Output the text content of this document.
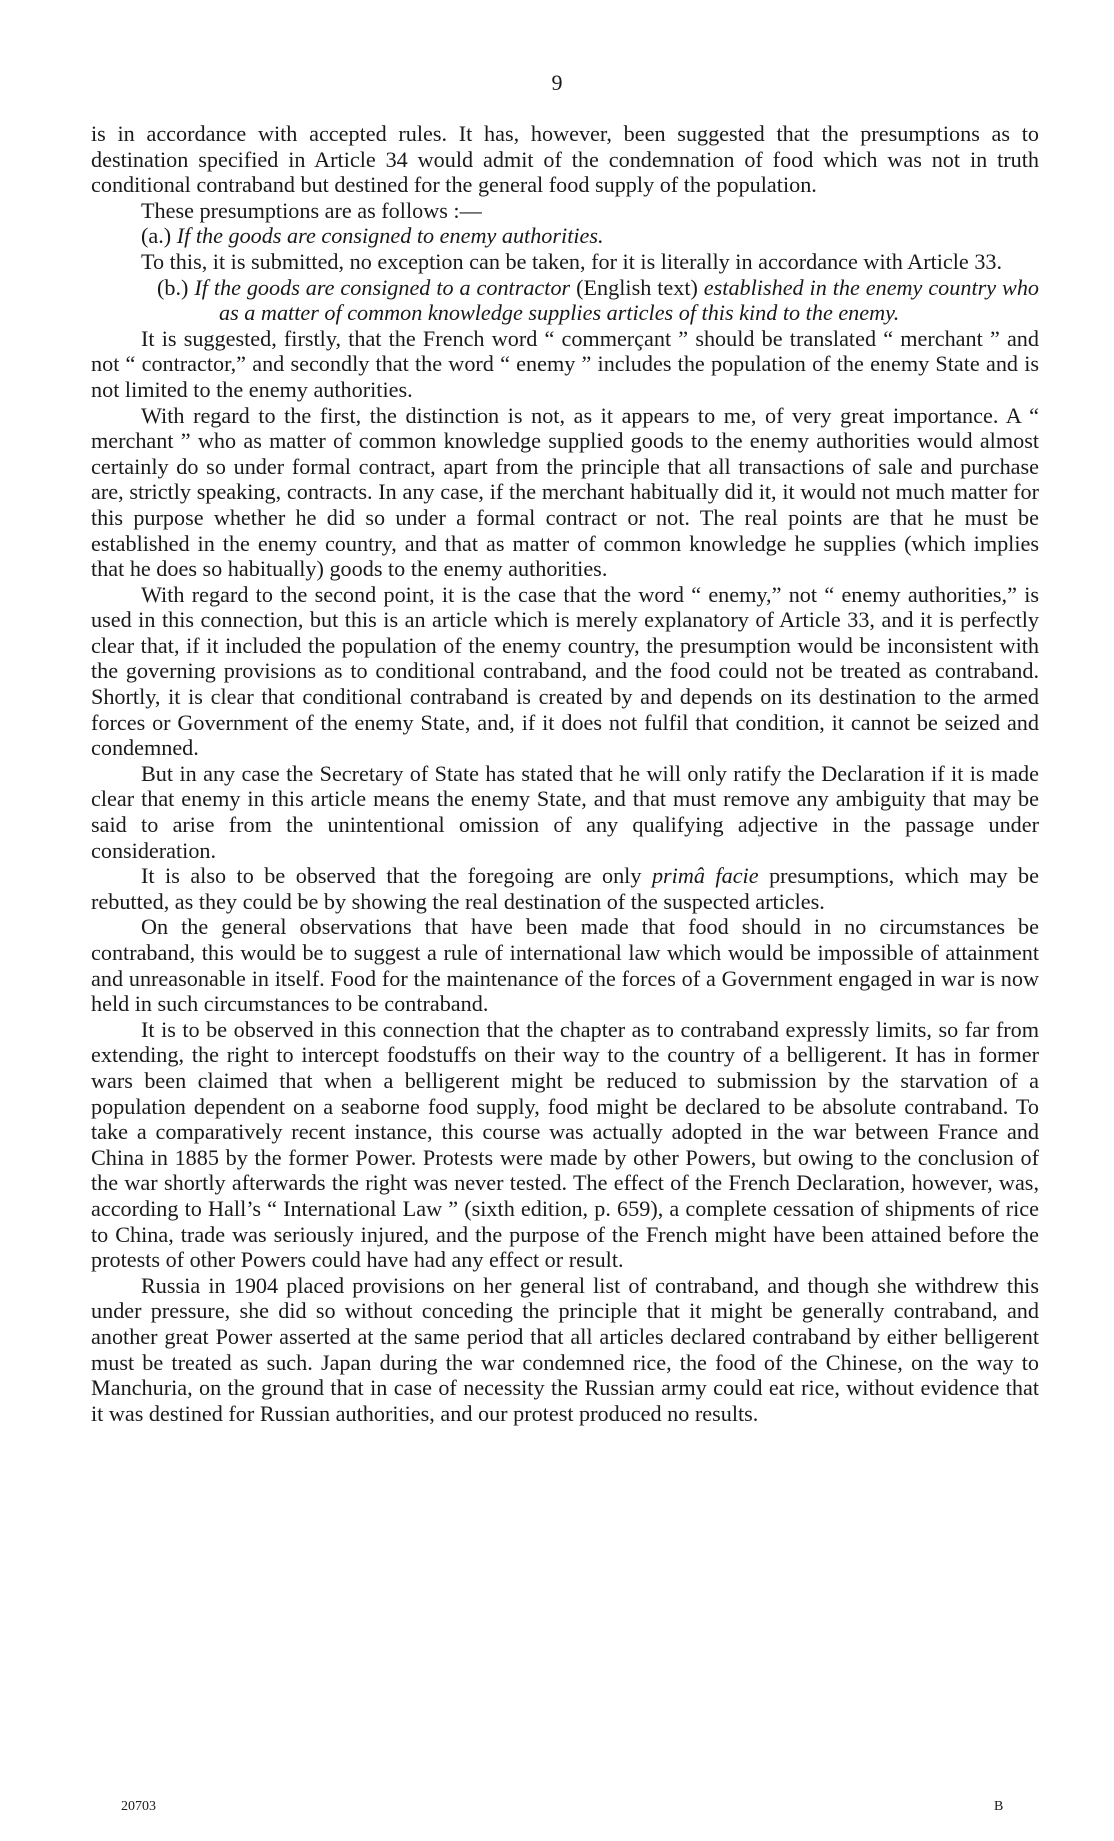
9

is in accordance with accepted rules. It has, however, been suggested that the presumptions as to destination specified in Article 34 would admit of the condemnation of food which was not in truth conditional contraband but destined for the general food supply of the population.

These presumptions are as follows :—

(a.) If the goods are consigned to enemy authorities.

To this, it is submitted, no exception can be taken, for it is literally in accordance with Article 33.

(b.) If the goods are consigned to a contractor (English text) established in the enemy country who as a matter of common knowledge supplies articles of this kind to the enemy.

It is suggested, firstly, that the French word “ commerçant ” should be translated “ merchant ” and not “ contractor,” and secondly that the word “ enemy ” includes the population of the enemy State and is not limited to the enemy authorities.

With regard to the first, the distinction is not, as it appears to me, of very great importance. A “ merchant ” who as matter of common knowledge supplied goods to the enemy authorities would almost certainly do so under formal contract, apart from the principle that all transactions of sale and purchase are, strictly speaking, contracts. In any case, if the merchant habitually did it, it would not much matter for this purpose whether he did so under a formal contract or not. The real points are that he must be established in the enemy country, and that as matter of common knowledge he supplies (which implies that he does so habitually) goods to the enemy authorities.

With regard to the second point, it is the case that the word “ enemy,” not “ enemy authorities,” is used in this connection, but this is an article which is merely explanatory of Article 33, and it is perfectly clear that, if it included the population of the enemy country, the presumption would be inconsistent with the governing provisions as to conditional contraband, and the food could not be treated as contraband. Shortly, it is clear that conditional contraband is created by and depends on its destination to the armed forces or Government of the enemy State, and, if it does not fulfil that condition, it cannot be seized and condemned.

But in any case the Secretary of State has stated that he will only ratify the Declaration if it is made clear that enemy in this article means the enemy State, and that must remove any ambiguity that may be said to arise from the unintentional omission of any qualifying adjective in the passage under consideration.

It is also to be observed that the foregoing are only primâ facie presumptions, which may be rebutted, as they could be by showing the real destination of the suspected articles.

On the general observations that have been made that food should in no circumstances be contraband, this would be to suggest a rule of international law which would be impossible of attainment and unreasonable in itself. Food for the maintenance of the forces of a Government engaged in war is now held in such circumstances to be contraband.

It is to be observed in this connection that the chapter as to contraband expressly limits, so far from extending, the right to intercept foodstuffs on their way to the country of a belligerent. It has in former wars been claimed that when a belligerent might be reduced to submission by the starvation of a population dependent on a seaborne food supply, food might be declared to be absolute contraband. To take a comparatively recent instance, this course was actually adopted in the war between France and China in 1885 by the former Power. Protests were made by other Powers, but owing to the conclusion of the war shortly afterwards the right was never tested. The effect of the French Declaration, however, was, according to Hall’s “ International Law ” (sixth edition, p. 659), a complete cessation of shipments of rice to China, trade was seriously injured, and the purpose of the French might have been attained before the protests of other Powers could have had any effect or result.

Russia in 1904 placed provisions on her general list of contraband, and though she withdrew this under pressure, she did so without conceding the principle that it might be generally contraband, and another great Power asserted at the same period that all articles declared contraband by either belligerent must be treated as such. Japan during the war condemned rice, the food of the Chinese, on the way to Manchuria, on the ground that in case of necessity the Russian army could eat rice, without evidence that it was destined for Russian authorities, and our protest produced no results.

20703	B
